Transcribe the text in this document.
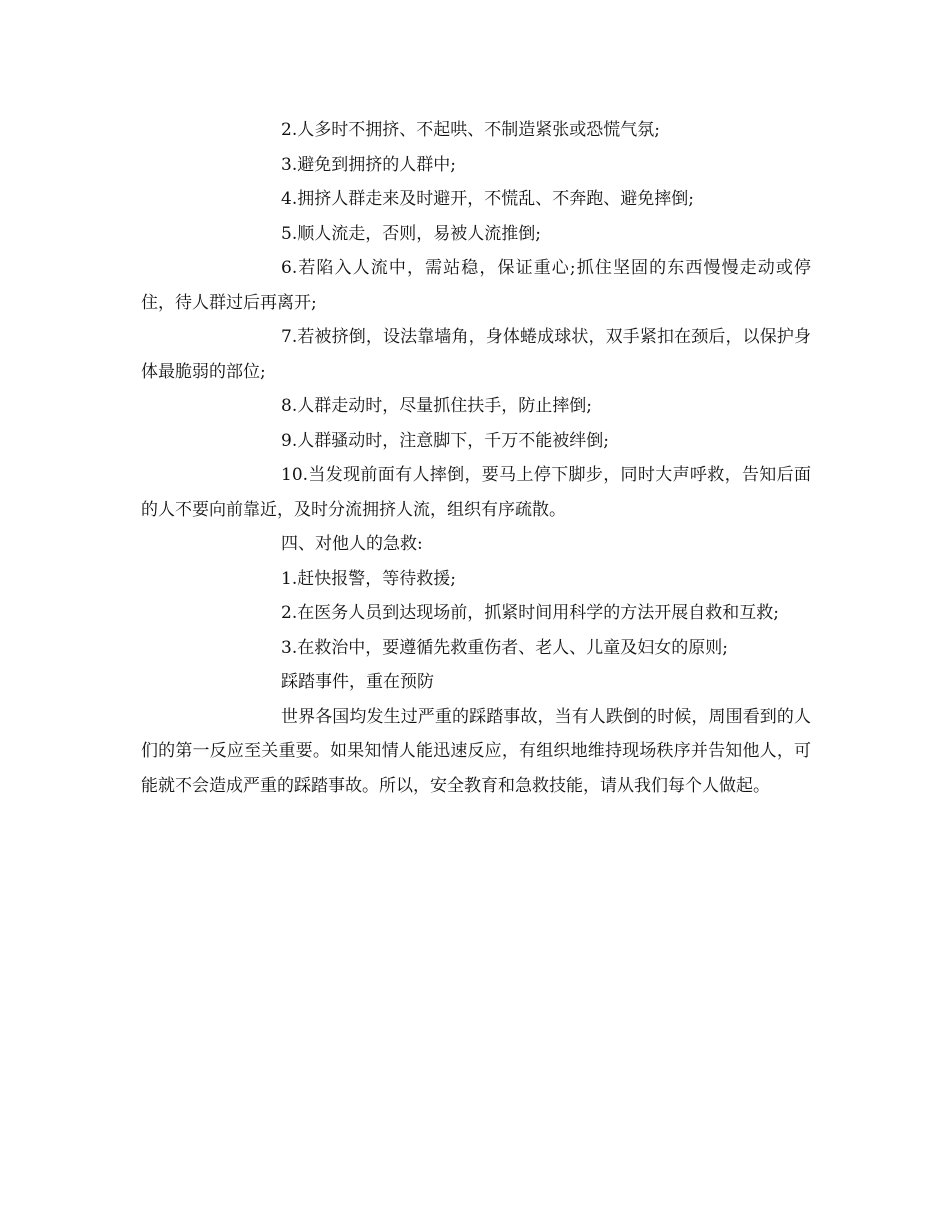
2.人多时不拥挤、不起哄、不制造紧张或恐慌气氛;

3.避免到拥挤的人群中;

4.拥挤人群走来及时避开，不慌乱、不奔跑、避免摔倒;

5.顺人流走，否则，易被人流推倒;

6.若陷入人流中，需站稳，保证重心;抓住坚固的东西慢慢走动或停住，待人群过后再离开;

7.若被挤倒，设法靠墙角，身体蜷成球状，双手紧扣在颈后，以保护身体最脆弱的部位;

8.人群走动时，尽量抓住扶手，防止摔倒;

9.人群骚动时，注意脚下，千万不能被绊倒;

10.当发现前面有人摔倒，要马上停下脚步，同时大声呼救，告知后面的人不要向前靠近，及时分流拥挤人流，组织有序疏散。

四、对他人的急救:

1.赶快报警，等待救援;

2.在医务人员到达现场前，抓紧时间用科学的方法开展自救和互救;

3.在救治中，要遵循先救重伤者、老人、儿童及妇女的原则;

踩踏事件，重在预防

世界各国均发生过严重的踩踏事故，当有人跌倒的时候，周围看到的人们的第一反应至关重要。如果知情人能迅速反应，有组织地维持现场秩序并告知他人，可能就不会造成严重的踩踏事故。所以，安全教育和急救技能，请从我们每个人做起。
